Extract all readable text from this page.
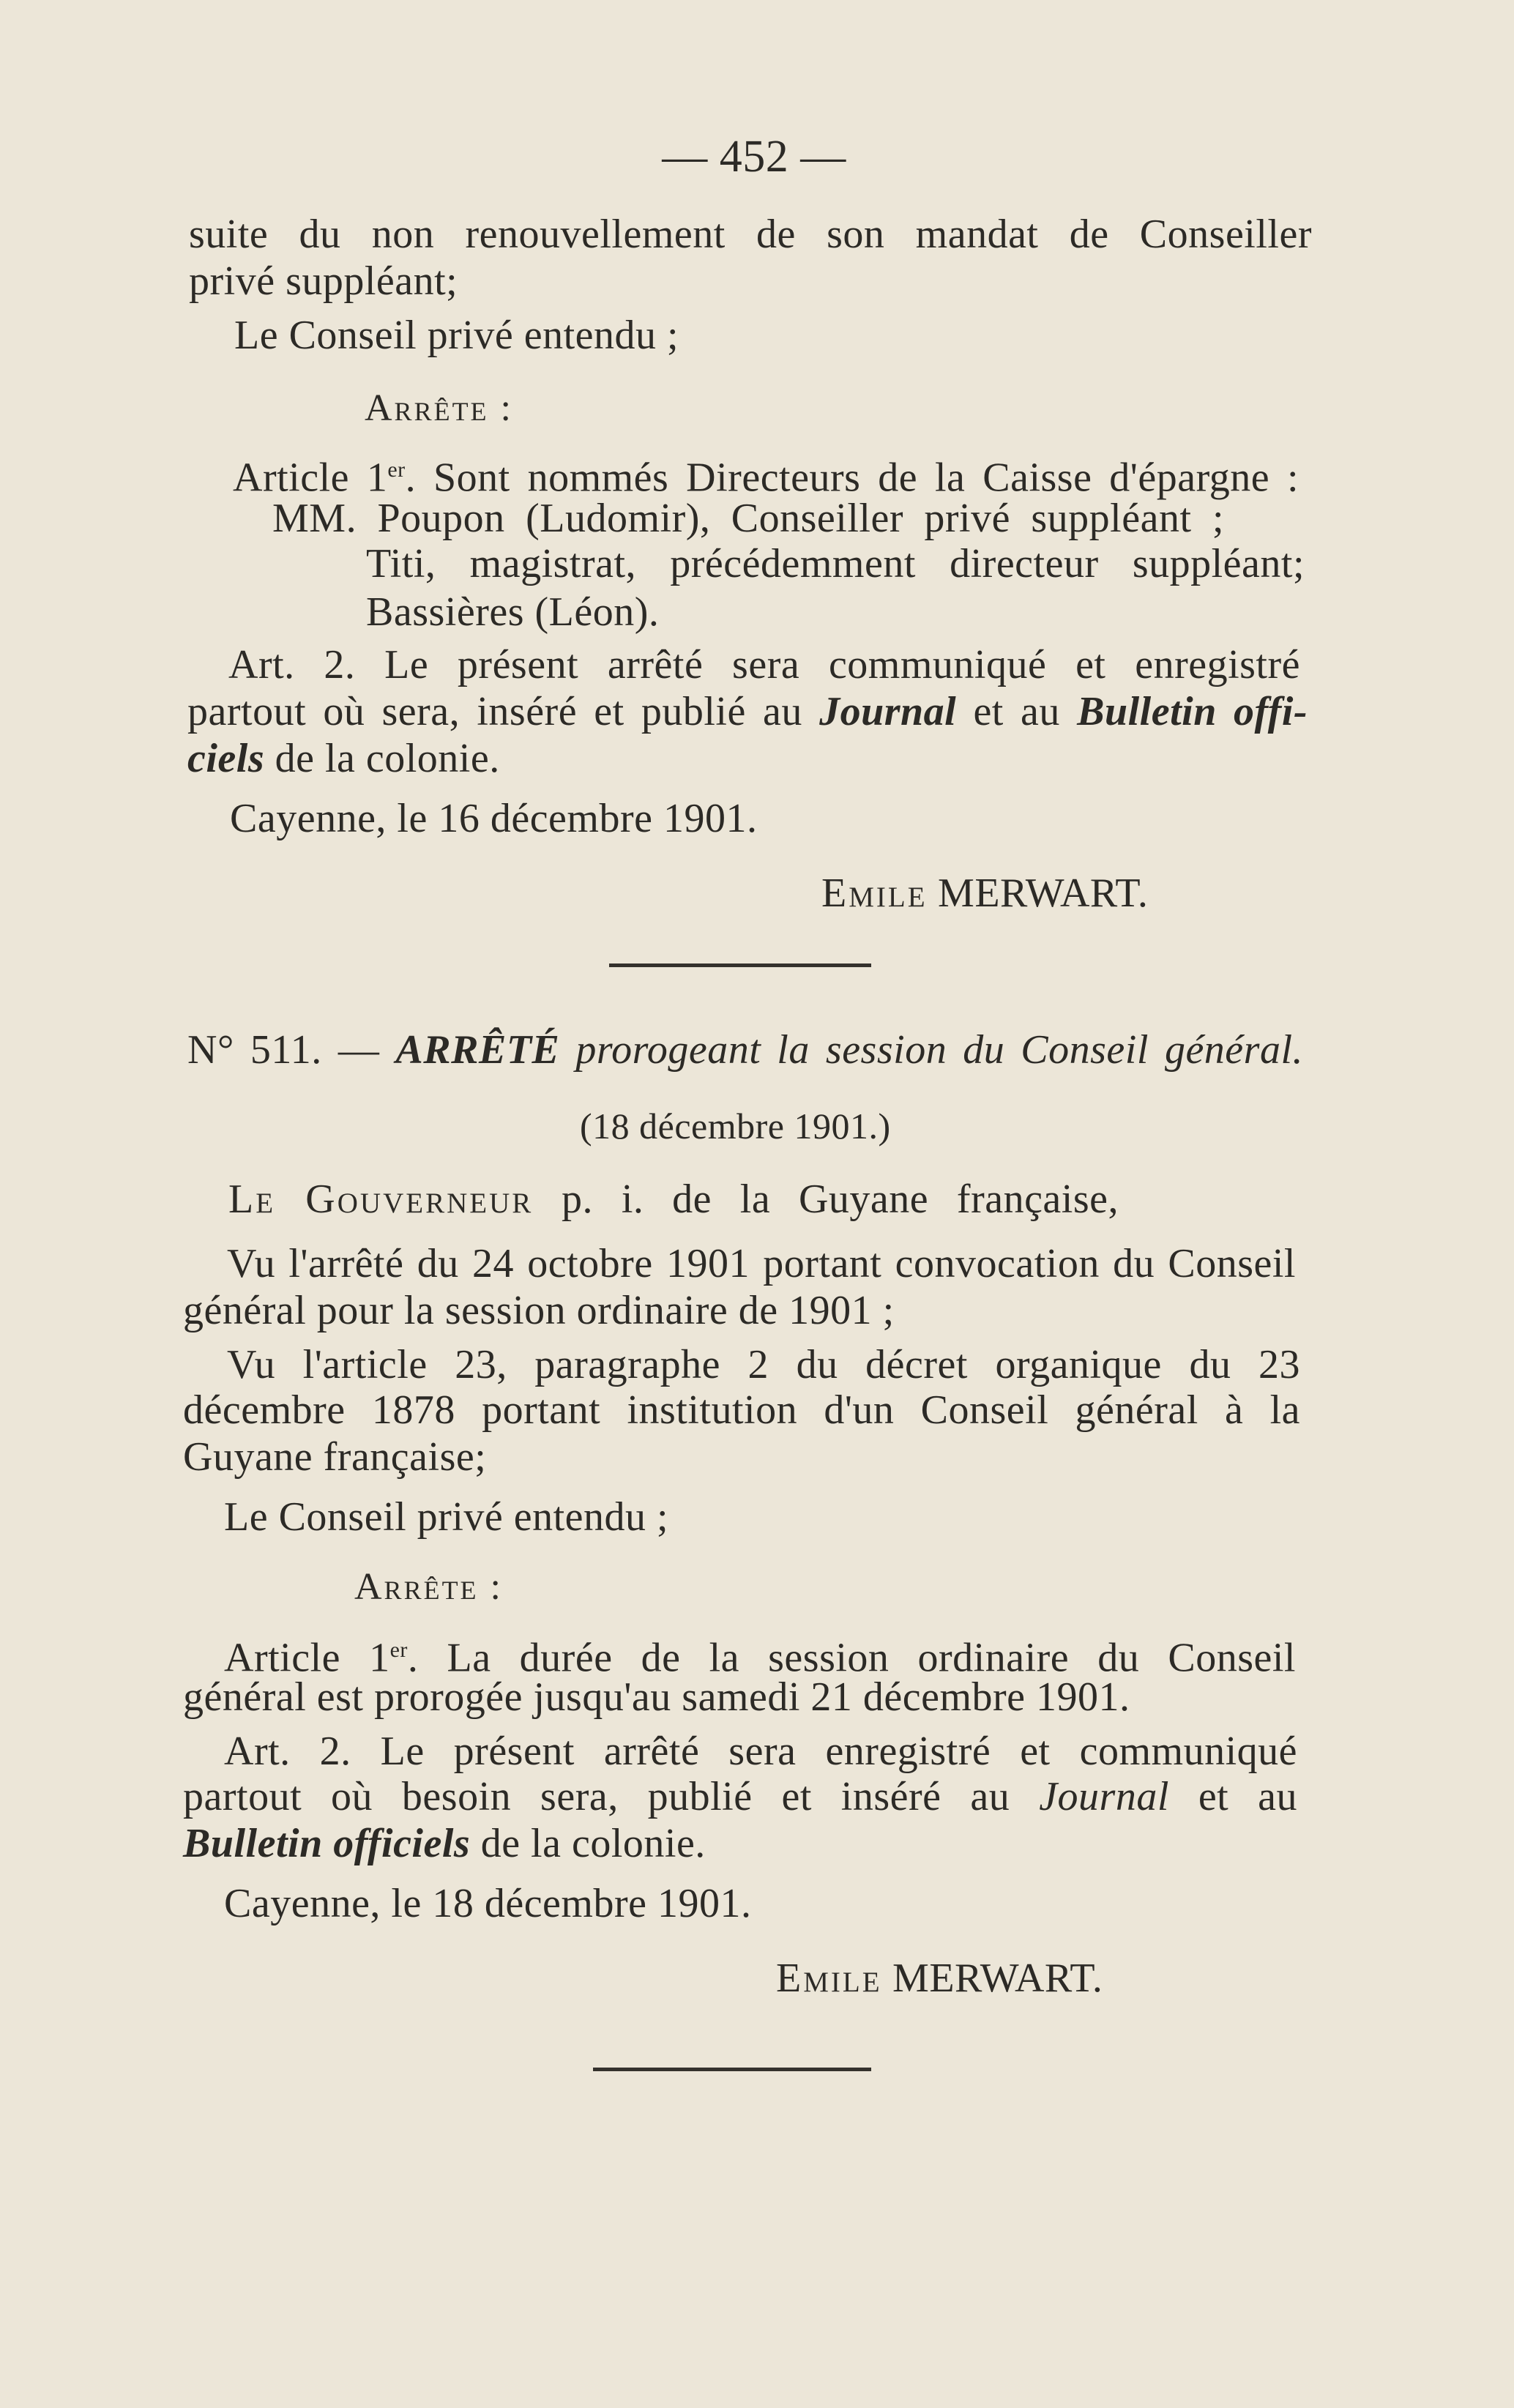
— 452 —
suite du non renouvellement de son mandat de Conseiller
privé suppléant;
Le Conseil privé entendu ;
Arrête :
Article 1er. Sont nommés Directeurs de la Caisse d'épargne :
MM. Poupon (Ludomir), Conseiller privé suppléant ;
Titi, magistrat, précédemment directeur suppléant;
Bassières (Léon).
Art. 2. Le présent arrêté sera communiqué et enregistré
partout où sera, inséré et publié au Journal et au Bulletin offi-
ciels de la colonie.
Cayenne, le 16 décembre 1901.
Emile MERWART.
N° 511. — ARRÊTÉ prorogeant la session du Conseil général.
(18 décembre 1901.)
Le Gouverneur p. i. de la Guyane française,
Vu l'arrêté du 24 octobre 1901 portant convocation du Conseil
général pour la session ordinaire de 1901 ;
Vu l'article 23, paragraphe 2 du décret organique du 23
décembre 1878 portant institution d'un Conseil général à la
Guyane française;
Le Conseil privé entendu ;
Arrête :
Article 1er. La durée de la session ordinaire du Conseil
général est prorogée jusqu'au samedi 21 décembre 1901.
Art. 2. Le présent arrêté sera enregistré et communiqué
partout où besoin sera, publié et inséré au Journal et au
Bulletin officiels de la colonie.
Cayenne, le 18 décembre 1901.
Emile MERWART.
